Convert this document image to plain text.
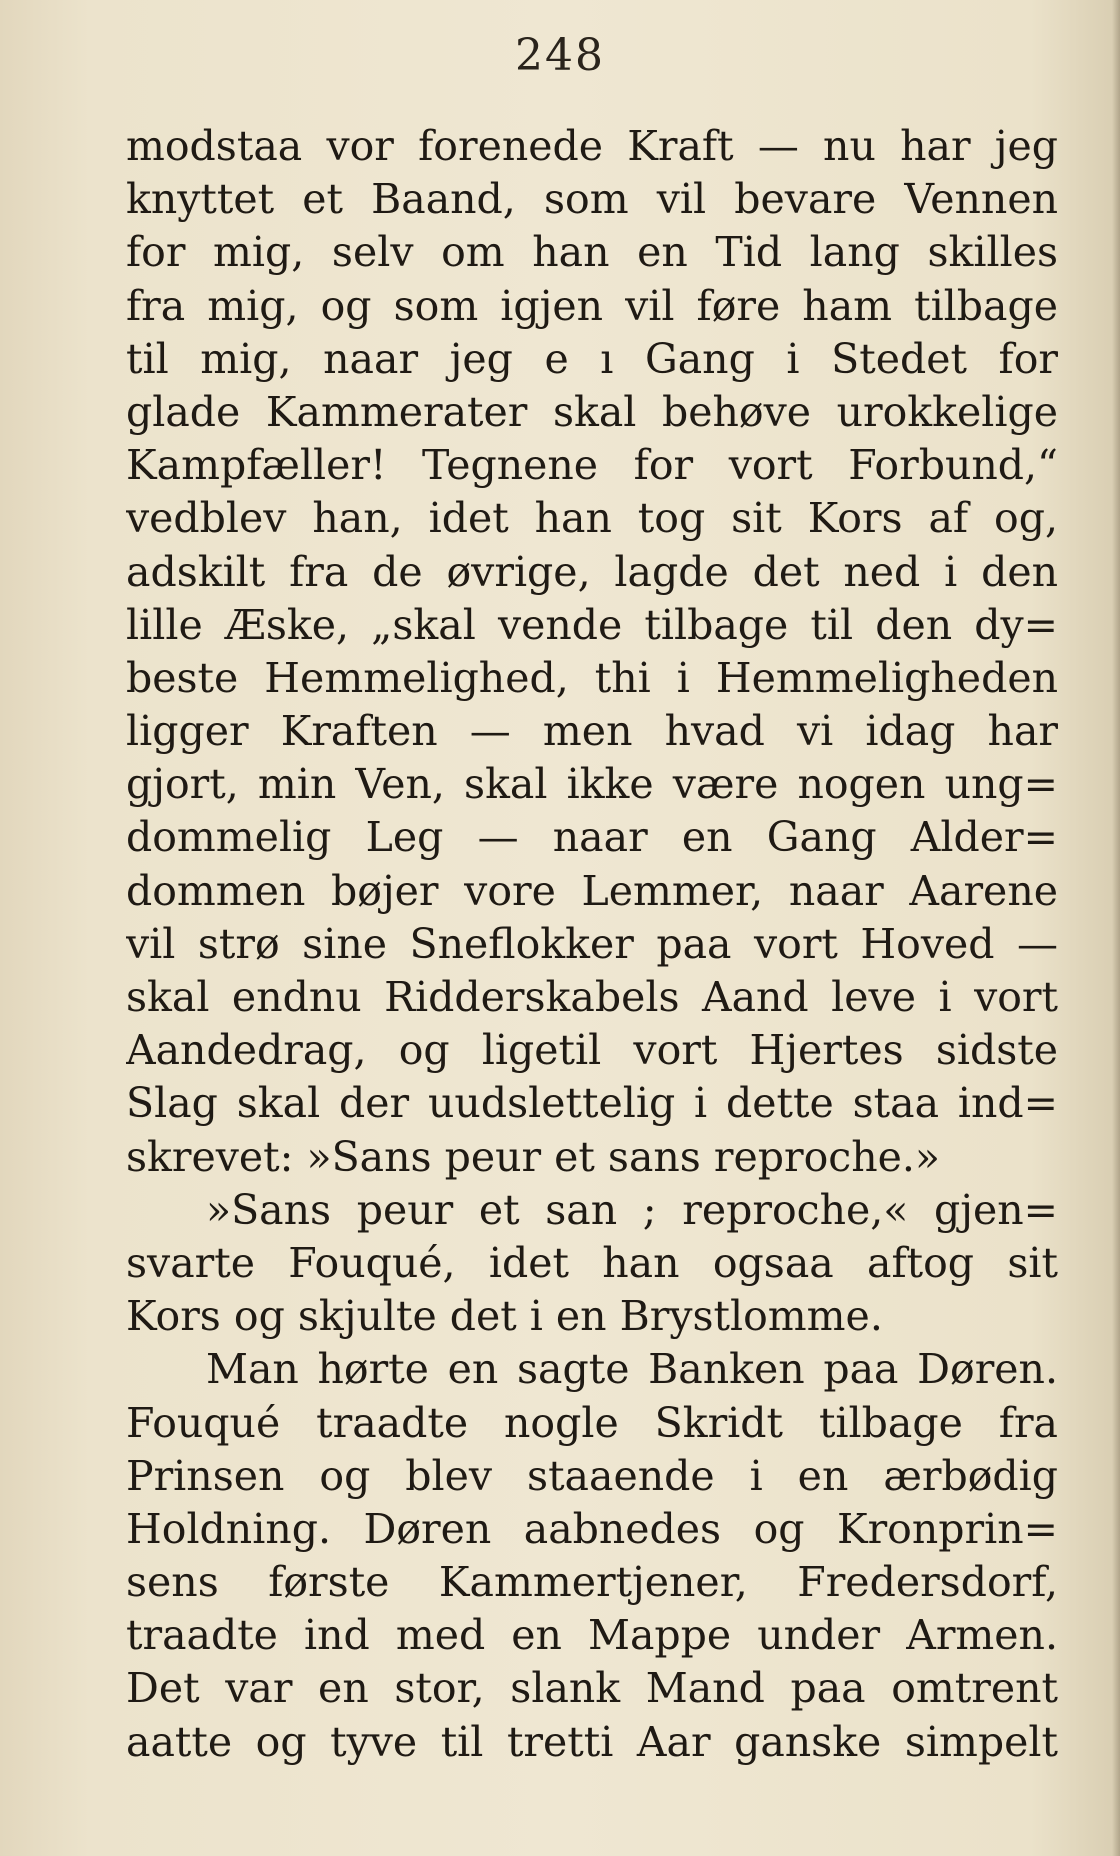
248
modstaa vor forenede Kraft — nu har jeg
knyttet et Baand, som vil bevare Vennen
for mig, selv om han en Tid lang skilles
fra mig, og som igjen vil føre ham tilbage
til mig, naar jeg e ı Gang i Stedet for
glade Kammerater skal behøve urokkelige
Kampfæller! Tegnene for vort Forbund,“
vedblev han, idet han tog sit Kors af og,
adskilt fra de øvrige, lagde det ned i den
lille Æske, „skal vende tilbage til den dy=
beste Hemmelighed, thi i Hemmeligheden
ligger Kraften — men hvad vi idag har
gjort, min Ven, skal ikke være nogen ung=
dommelig Leg — naar en Gang Alder=
dommen bøjer vore Lemmer, naar Aarene
vil strø sine Sneflokker paa vort Hoved —
skal endnu Ridderskabels Aand leve i vort
Aandedrag, og ligetil vort Hjertes sidste
Slag skal der uudslettelig i dette staa ind=
skrevet: »Sans peur et sans reproche.»
»Sans peur et san ; reproche,« gjen=
svarte Fouqué, idet han ogsaa aftog sit
Kors og skjulte det i en Brystlomme.
Man hørte en sagte Banken paa Døren.
Fouqué traadte nogle Skridt tilbage fra
Prinsen og blev staaende i en ærbødig
Holdning. Døren aabnedes og Kronprin=
sens første Kammertjener, Fredersdorf,
traadte ind med en Mappe under Armen.
Det var en stor, slank Mand paa omtrent
aatte og tyve til tretti Aar ganske simpelt
